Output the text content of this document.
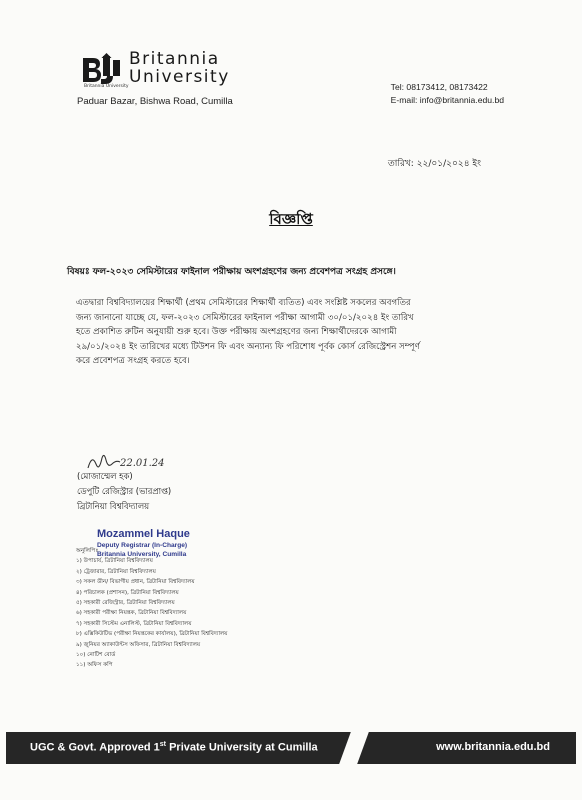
Britannia
University
Britannia University
Paduar Bazar, Bishwa Road, Cumilla
Tel: 08173412, 08173422
E-mail: info@britannia.edu.bd
তারিখ: ২২/০১/২০২৪ ইং
বিজ্ঞপ্তি
বিষয়ঃ ফল-২০২৩ সেমিস্টারের ফাইনাল পরীক্ষায় অংশগ্রহণের জন্য প্রবেশপত্র সংগ্রহ প্রসঙ্গে।

এতদ্বারা বিশ্ববিদ্যালয়ের শিক্ষার্থী (প্রথম সেমিস্টারের শিক্ষার্থী ব্যতিত) এবং সংশ্লিষ্ট সকলের অবগতির

জন্য জানানো যাচ্ছে যে, ফল-২০২৩ সেমিস্টারের ফাইনাল পরীক্ষা আগামী ৩০/০১/২০২৪ ইং তারিখ

হতে প্রকাশিত রুটিন অনুযায়ী শুরু হবে। উক্ত পরীক্ষায় অংশগ্রহণের জন্য শিক্ষার্থীদেরকে আগামী

২৯/০১/২০২৪ ইং তারিখের মধ্যে টিউশন ফি এবং অন্যান্য ফি পরিশোধ পূর্বক কোর্স রেজিস্ট্রেশন সম্পূর্ণ

করে প্রবেশপত্র সংগ্রহ করতে হবে।

22.01.24
(মোজাম্মেল হক)
ডেপুটি রেজিস্ট্রার (ভারপ্রাপ্ত)
ব্রিটানিয়া বিশ্ববিদ্যালয়
Mozammel Haque
Deputy Registrar (In-Charge)
Britannia University, Cumilla
অনুলিপিঃ
১) উপাচার্য, ব্রিটানিয়া বিশ্ববিদ্যালয়
২) ট্রেজারার, ব্রিটানিয়া বিশ্ববিদ্যালয়
৩) সকল ডীন/ বিভাগীয় প্রধান, ব্রিটানিয়া বিশ্ববিদ্যালয়
৪) পরিচালক (প্রশাসন), ব্রিটানিয়া বিশ্ববিদ্যালয়
৫) সহকারী রেজিস্ট্রার, ব্রিটানিয়া বিশ্ববিদ্যালয়
৬) সহকারী পরীক্ষা নিয়ন্ত্রক, ব্রিটানিয়া বিশ্ববিদ্যালয়
৭) সহকারী সিস্টেম এনালিস্ট, ব্রিটানিয়া বিশ্ববিদ্যালয়
৮) এক্সিকিউটিভ (পরীক্ষা নিয়ন্ত্রকের কার্যালয়), ব্রিটানিয়া বিশ্ববিদ্যালয়
৯) জুনিয়র অ্যাকাউন্টস অফিসার, ব্রিটানিয়া বিশ্ববিদ্যালয়
১০) নোটিশ বোর্ড
১১) অফিস কপি
UGC & Govt. Approved 1st Private University at Cumilla	www.britannia.edu.bd
